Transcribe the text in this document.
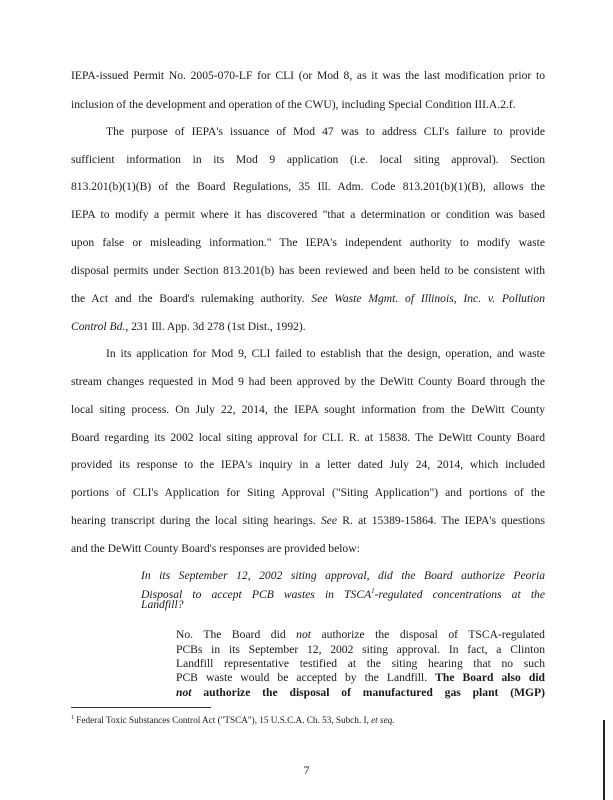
IEPA-issued Permit No. 2005-070-LF for CLI (or Mod 8, as it was the last modification prior to
inclusion of the development and operation of the CWU), including Special Condition III.A.2.f.
The purpose of IEPA's issuance of Mod 47 was to address CLI's failure to provide
sufficient information in its Mod 9 application (i.e. local siting approval). Section
813.201(b)(1)(B) of the Board Regulations, 35 Ill. Adm. Code 813.201(b)(1)(B), allows the
IEPA to modify a permit where it has discovered "that a determination or condition was based
upon false or misleading information." The IEPA's independent authority to modify waste
disposal permits under Section 813.201(b) has been reviewed and been held to be consistent with
the Act and the Board's rulemaking authority. See Waste Mgmt. of Illinois, Inc. v. Pollution
Control Bd., 231 Ill. App. 3d 278 (1st Dist., 1992).
In its application for Mod 9, CLI failed to establish that the design, operation, and waste
stream changes requested in Mod 9 had been approved by the DeWitt County Board through the
local siting process. On July 22, 2014, the IEPA sought information from the DeWitt County
Board regarding its 2002 local siting approval for CLI. R. at 15838. The DeWitt County Board
provided its response to the IEPA's inquiry in a letter dated July 24, 2014, which included
portions of CLI's Application for Siting Approval ("Siting Application") and portions of the
hearing transcript during the local siting hearings. See R. at 15389-15864. The IEPA's questions
and the DeWitt County Board's responses are provided below:
In its September 12, 2002 siting approval, did the Board authorize Peoria
Disposal to accept PCB wastes in TSCA$^1$-regulated concentrations at the
Landfill?
No. The Board did not authorize the disposal of TSCA-regulated
PCBs in its September 12, 2002 siting approval. In fact, a Clinton
Landfill representative testified at the siting hearing that no such
PCB waste would be accepted by the Landfill. The Board also did
not authorize the disposal of manufactured gas plant (MGP)
$^1$ Federal Toxic Substances Control Act ("TSCA"), 15 U.S.C.A. Ch. 53, Subch. I, et seq.
7
